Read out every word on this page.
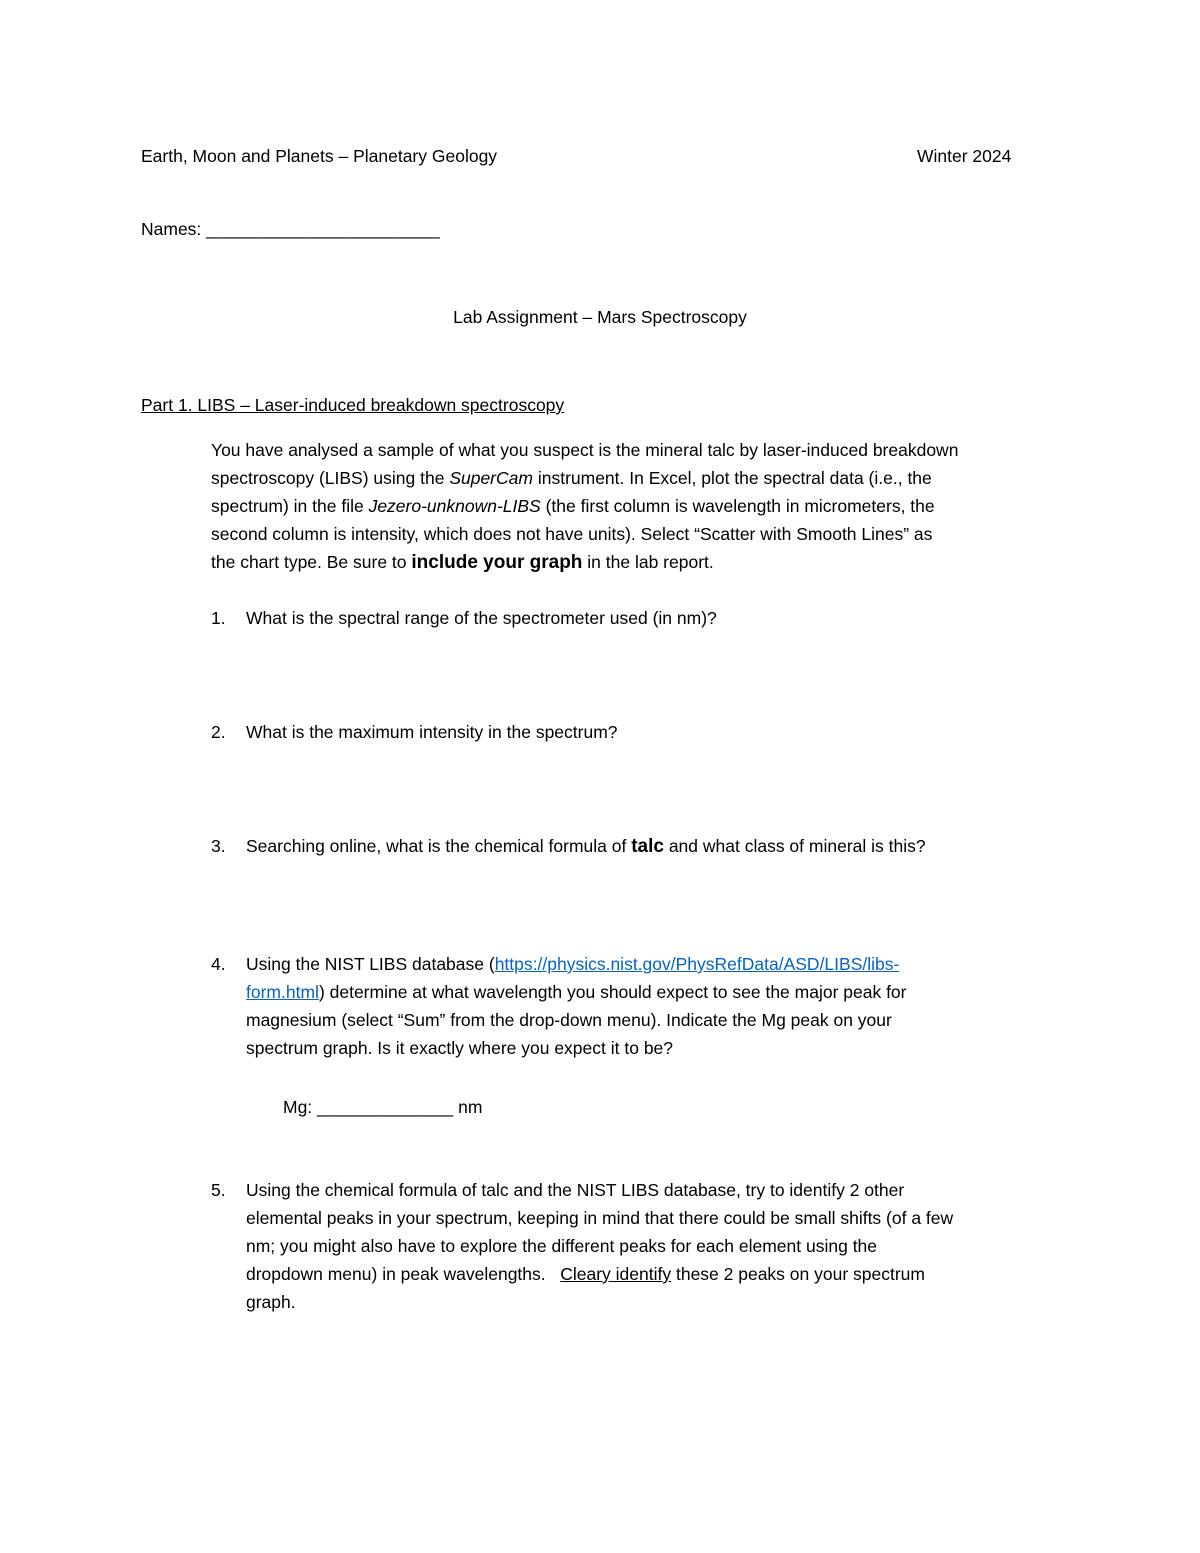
Earth, Moon and Planets – Planetary Geology	Winter 2024
Names: ________________________
Lab Assignment – Mars Spectroscopy
Part 1. LIBS – Laser-induced breakdown spectroscopy
You have analysed a sample of what you suspect is the mineral talc by laser-induced breakdown
spectroscopy (LIBS) using the SuperCam instrument. In Excel, plot the spectral data (i.e., the
spectrum) in the file Jezero-unknown-LIBS (the first column is wavelength in micrometers, the
second column is intensity, which does not have units). Select “Scatter with Smooth Lines” as
the chart type. Be sure to include your graph in the lab report.
1. What is the spectral range of the spectrometer used (in nm)?
2. What is the maximum intensity in the spectrum?
3. Searching online, what is the chemical formula of talc and what class of mineral is this?
4. Using the NIST LIBS database (https://physics.nist.gov/PhysRefData/ASD/LIBS/libs-
form.html) determine at what wavelength you should expect to see the major peak for
magnesium (select “Sum” from the drop-down menu). Indicate the Mg peak on your
spectrum graph. Is it exactly where you expect it to be?
Mg: ______________ nm
5. Using the chemical formula of talc and the NIST LIBS database, try to identify 2 other
elemental peaks in your spectrum, keeping in mind that there could be small shifts (of a few
nm; you might also have to explore the different peaks for each element using the
dropdown menu) in peak wavelengths.   Cleary identify these 2 peaks on your spectrum
graph.
